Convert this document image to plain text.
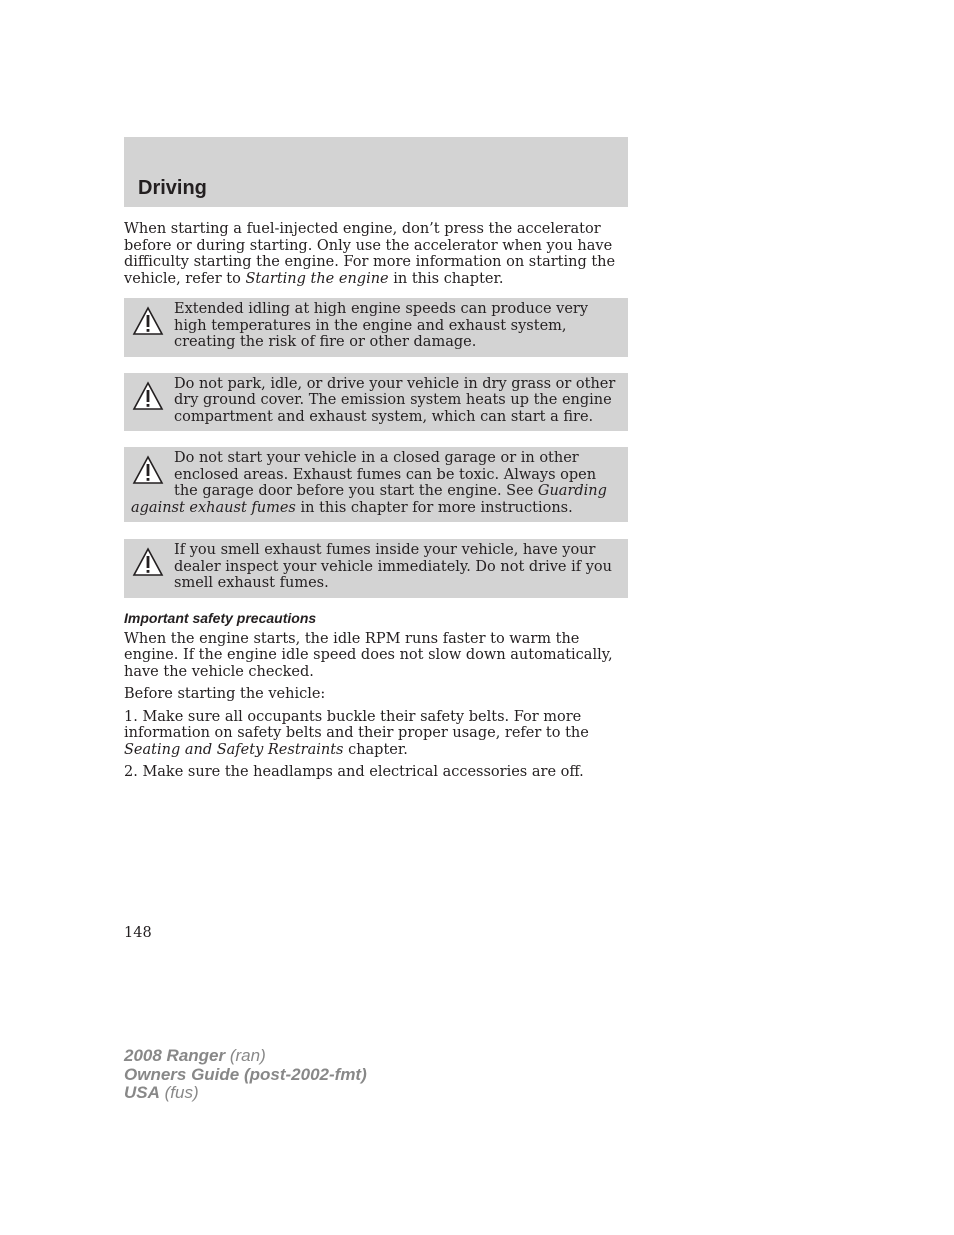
Driving

When starting a fuel-injected engine, don’t press the accelerator before or during starting. Only use the accelerator when you have difficulty starting the engine. For more information on starting the vehicle, refer to Starting the engine in this chapter.

Extended idling at high engine speeds can produce very high temperatures in the engine and exhaust system, creating the risk of fire or other damage.
Do not park, idle, or drive your vehicle in dry grass or other dry ground cover. The emission system heats up the engine compartment and exhaust system, which can start a fire.
Do not start your vehicle in a closed garage or in other enclosed areas. Exhaust fumes can be toxic. Always open the garage door before you start the engine. See Guarding against exhaust fumes in this chapter for more instructions.
If you smell exhaust fumes inside your vehicle, have your dealer inspect your vehicle immediately. Do not drive if you smell exhaust fumes.
Important safety precautions

When the engine starts, the idle RPM runs faster to warm the engine. If the engine idle speed does not slow down automatically, have the vehicle checked.

Before starting the vehicle:

1. Make sure all occupants buckle their safety belts. For more information on safety belts and their proper usage, refer to the Seating and Safety Restraints chapter.

2. Make sure the headlamps and electrical accessories are off.

148
2008 Ranger (ran)
Owners Guide (post-2002-fmt)
USA (fus)
